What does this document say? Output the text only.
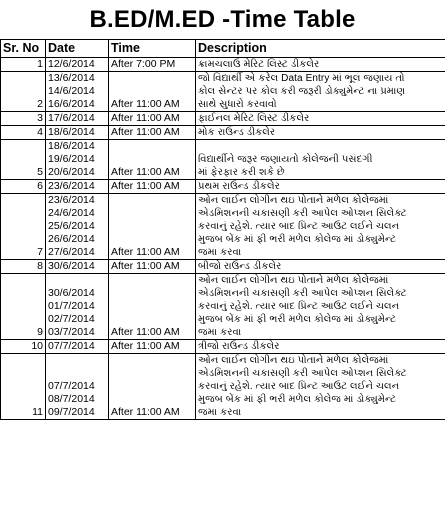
B.ED/M.ED -Time Table
Sr. No	Date	Time	Description
1	12/6/2014	After 7:00 PM	ક્રામચલાઉ મેરિટ લિસ્ટ ડીકલેર

2	13/6/2014
14/6/2014
16/6/2014	After 11:00 AM	જો વિદ્યાર્થી એ કરેલ Data Entry માં ભૂલ જણાય તો
કોલ સેન્ટર પર કોલ કરી જરૂરી ડોક્યુમેન્ટ ના પ્રમાણ
સાથે સુધારો કરવાવો

3	17/6/2014	After 11:00 AM	ફાઈનલ મેરિટ લિસ્ટ ડીકલેર

4	18/6/2014	After 11:00 AM	મોક રાઉન્ડ ડીકલેર

5	18/6/2014
19/6/2014
20/6/2014	After 11:00 AM	વિદ્યાર્થીને જરૂર જણાયતો કોલેજની પસંદગી
માં ફેરફાર કરી શકે છે

6	23/6/2014	After 11:00 AM	પ્રથમ રાઉન્ડ ડીકલેર

7	23/6/2014
24/6/2014
25/6/2014
26/6/2014
27/6/2014	After 11:00 AM	ઓન લાઈન લોગીન થઇ પોતાને મળેલ કોલેજમાં
એડમિશનની ચકાસણી કરી આપેલ ઓપ્શન સિલેક્ટ
કરવાનું રહેશે. ત્યાર બાદ પ્રિન્ટ આઉટ લઈને ચલન
મુજબ બેંક માં ફી ભરી મળેલ કોલેજ માં ડોક્યુમેન્ટ
જમા કરવા

8	30/6/2014	After 11:00 AM	બીજો રાઉન્ડ ડીકલેર

9	30/6/2014
01/7/2014
02/7/2014
03/7/2014	After 11:00 AM	ઓન લાઈન લોગીન થઇ પોતાને મળેલ કોલેજમાં
એડમિશનની ચકાસણી કરી આપેલ ઓપ્શન સિલેક્ટ
કરવાનું રહેશે. ત્યાર બાદ પ્રિન્ટ આઉટ લઈને ચલન
મુજબ બેંક માં ફી ભરી મળેલ કોલેજ માં ડોક્યુમેન્ટ
જમા કરવા

10	07/7/2014	After 11:00 AM	ત્રીજો રાઉન્ડ ડીકલેર

11	07/7/2014
08/7/2014
09/7/2014	After 11:00 AM	ઓન લાઈન લોગીન થઇ પોતાને મળેલ કોલેજમાં
એડમિશનની ચકાસણી કરી આપેલ ઓપ્શન સિલેક્ટ
કરવાનું રહેશે. ત્યાર બાદ પ્રિન્ટ આઉટ લઈને ચલન
મુજબ બેંક માં ફી ભરી મળેલ કોલેજ માં ડોક્યુમેન્ટ
જમા કરવા
